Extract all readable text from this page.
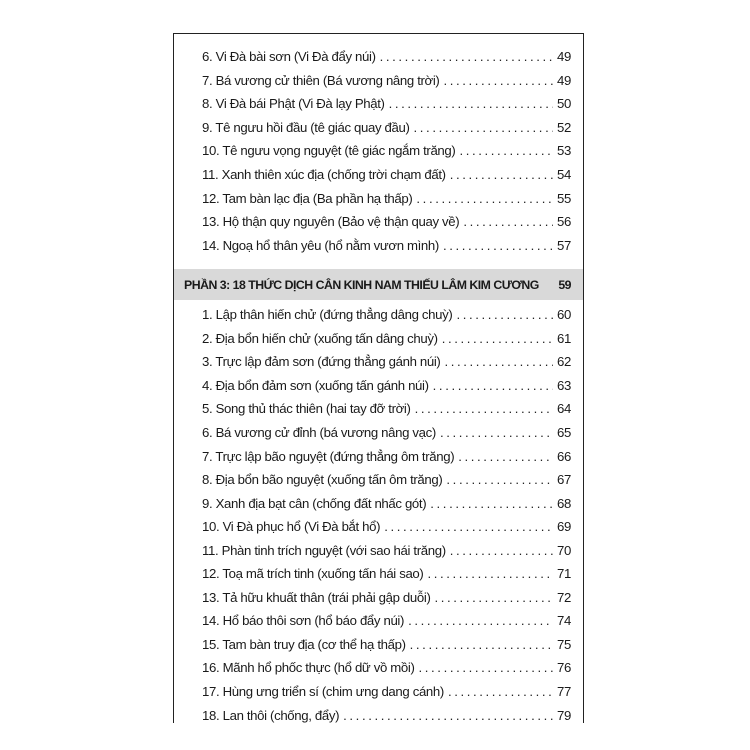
6. Vi Đà bài sơn (Vi Đà đẩy núi) .....	49
7. Bá vương cử thiên (Bá vương nâng trời) .....	49
8. Vi Đà bái Phật (Vi Đà lạy Phật) .....	50
9. Tê ngưu hồi đầu (tê giác quay đầu) .....	52
10. Tê ngưu vọng nguyệt (tê giác ngắm trăng) .....	53
11. Xanh thiên xúc địa (chống trời chạm đất) .....	54
12. Tam bàn lạc địa (Ba phần hạ thấp) .....	55
13. Hộ thận quy nguyên (Bảo vệ thận quay về) .....	56
14. Ngoạ hổ thân yêu (hổ nằm vươn mình) .....	57
PHẦN 3: 18 THỨC DỊCH CÂN KINH NAM THIẾU LÂM KIM CƯƠNG	59
1. Lập thân hiến chử (đứng thẳng dâng chuỳ) .....	60
2. Địa bổn hiến chử (xuống tấn dâng chuỳ) .....	61
3. Trực lập đảm sơn (đứng thẳng gánh núi) .....	62
4. Địa bổn đảm sơn (xuống tấn gánh núi) .....	63
5. Song thủ thác thiên (hai tay đỡ trời) .....	64
6. Bá vương cử đỉnh (bá vương nâng vạc) .....	65
7. Trực lập bão nguyệt (đứng thẳng ôm trăng) .....	66
8. Địa bổn bão nguyệt (xuống tấn ôm trăng) .....	67
9. Xanh địa bạt cân (chống đất nhấc gót) .....	68
10. Vi Đà phục hổ (Vi Đà bắt hổ) .....	69
11. Phàn tinh trích nguyệt (với sao hái trăng) .....	70
12. Toạ mã trích tinh (xuống tấn hái sao) .....	71
13. Tả hữu khuất thân (trái phải gập duỗi) .....	72
14. Hổ báo thôi sơn (hổ báo đẩy núi) .....	74
15. Tam bàn truy địa (cơ thể hạ thấp) .....	75
16. Mãnh hổ phốc thực (hổ dữ vồ mồi) .....	76
17. Hùng ưng triển sí (chim ưng dang cánh) .....	77
18. Lan thôi (chống, đẩy) .....	79
